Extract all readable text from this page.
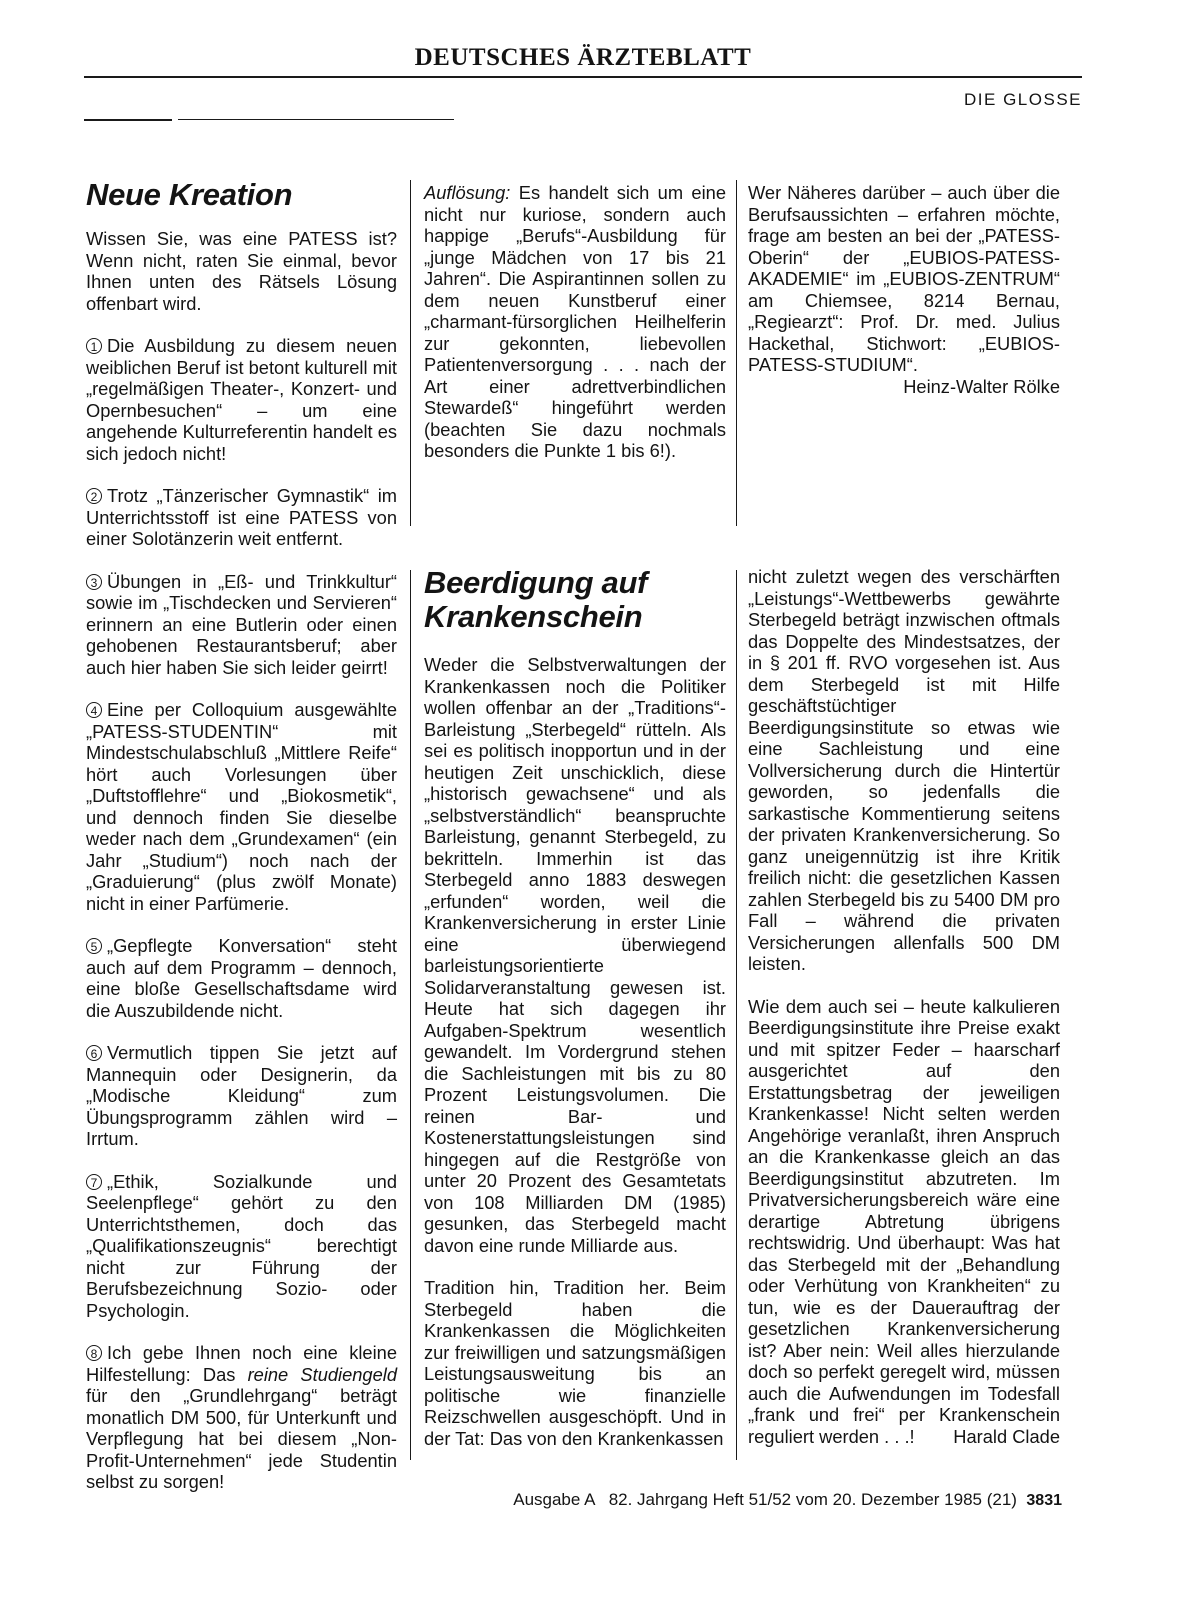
DEUTSCHES ÄRZTEBLATT
DIE GLOSSE
Neue Kreation

Wissen Sie, was eine PATESS ist? Wenn nicht, raten Sie einmal, bevor Ihnen unten des Rätsels Lösung offenbart wird.

1 Die Ausbildung zu diesem neuen weiblichen Beruf ist betont kulturell mit „regelmäßigen Theater-, Konzert- und Opernbesuchen“ – um eine angehende Kulturreferentin handelt es sich jedoch nicht!

2 Trotz „Tänzerischer Gymnastik“ im Unterrichtsstoff ist eine PATESS von einer Solotänzerin weit entfernt.

3 Übungen in „Eß- und Trinkkultur“ sowie im „Tischdecken und Servieren“ erinnern an eine Butlerin oder einen gehobenen Restaurantsberuf; aber auch hier haben Sie sich leider geirrt!

4 Eine per Colloquium ausgewählte „PATESS-STUDENTIN“ mit Mindestschulabschluß „Mittlere Reife“ hört auch Vorlesungen über „Duftstofflehre“ und „Biokosmetik“, und dennoch finden Sie dieselbe weder nach dem „Grundexamen“ (ein Jahr „Studium“) noch nach der „Graduierung“ (plus zwölf Monate) nicht in einer Parfümerie.

5 „Gepflegte Konversation“ steht auch auf dem Programm – dennoch, eine bloße Gesellschaftsdame wird die Auszubildende nicht.

6 Vermutlich tippen Sie jetzt auf Mannequin oder Designerin, da „Modische Kleidung“ zum Übungsprogramm zählen wird – Irrtum.

7 „Ethik, Sozialkunde und Seelenpflege“ gehört zu den Unterrichtsthemen, doch das „Qualifikationszeugnis“ berechtigt nicht zur Führung der Berufsbezeichnung Sozio- oder Psychologin.

8 Ich gebe Ihnen noch eine kleine Hilfestellung: Das reine Studiengeld für den „Grundlehrgang“ beträgt monatlich DM 500, für Unterkunft und Verpflegung hat bei diesem „Non-Profit-Unternehmen“ jede Studentin selbst zu sorgen!

Auflösung: Es handelt sich um eine nicht nur kuriose, sondern auch happige „Berufs“-Ausbildung für „junge Mädchen von 17 bis 21 Jahren“. Die Aspirantinnen sollen zu dem neuen Kunstberuf einer „charmant-fürsorglichen Heilhelferin zur gekonnten, liebevollen Patientenversorgung . . . nach der Art einer adrettverbindlichen Stewardeß“ hingeführt werden (beachten Sie dazu nochmals besonders die Punkte 1 bis 6!).

Wer Näheres darüber – auch über die Berufsaussichten – erfahren möchte, frage am besten an bei der „PATESS-Oberin“ der „EUBIOS-PATESS-AKADEMIE“ im „EUBIOS-ZENTRUM“ am Chiemsee, 8214 Bernau, „Regiearzt“: Prof. Dr. med. Julius Hackethal, Stichwort: „EUBIOS-PATESS-STUDIUM“.
Heinz-Walter Rölke

Beerdigung auf Krankenschein

Weder die Selbstverwaltungen der Krankenkassen noch die Politiker wollen offenbar an der „Traditions“-Barleistung „Sterbegeld“ rütteln. Als sei es politisch inopportun und in der heutigen Zeit unschicklich, diese „historisch gewachsene“ und als „selbstverständlich“ beanspruchte Barleistung, genannt Sterbegeld, zu bekritteln. Immerhin ist das Sterbegeld anno 1883 deswegen „erfunden“ worden, weil die Krankenversicherung in erster Linie eine überwiegend barleistungsorientierte Solidarveranstaltung gewesen ist. Heute hat sich dagegen ihr Aufgaben-Spektrum wesentlich gewandelt. Im Vordergrund stehen die Sachleistungen mit bis zu 80 Prozent Leistungsvolumen. Die reinen Bar- und Kostenerstattungsleistungen sind hingegen auf die Restgröße von unter 20 Prozent des Gesamtetats von 108 Milliarden DM (1985) gesunken, das Sterbegeld macht davon eine runde Milliarde aus.

Tradition hin, Tradition her. Beim Sterbegeld haben die Krankenkassen die Möglichkeiten zur freiwilligen und satzungsmäßigen Leistungsausweitung bis an politische wie finanzielle Reizschwellen ausgeschöpft. Und in der Tat: Das von den Krankenkassen

nicht zuletzt wegen des verschärften „Leistungs“-Wettbewerbs gewährte Sterbegeld beträgt inzwischen oftmals das Doppelte des Mindestsatzes, der in § 201 ff. RVO vorgesehen ist. Aus dem Sterbegeld ist mit Hilfe geschäftstüchtiger Beerdigungsinstitute so etwas wie eine Sachleistung und eine Vollversicherung durch die Hintertür geworden, so jedenfalls die sarkastische Kommentierung seitens der privaten Krankenversicherung. So ganz uneigennützig ist ihre Kritik freilich nicht: die gesetzlichen Kassen zahlen Sterbegeld bis zu 5400 DM pro Fall – während die privaten Versicherungen allenfalls 500 DM leisten.

Wie dem auch sei – heute kalkulieren Beerdigungsinstitute ihre Preise exakt und mit spitzer Feder – haarscharf ausgerichtet auf den Erstattungsbetrag der jeweiligen Krankenkasse! Nicht selten werden Angehörige veranlaßt, ihren Anspruch an die Krankenkasse gleich an das Beerdigungsinstitut abzutreten. Im Privatversicherungsbereich wäre eine derartige Abtretung übrigens rechtswidrig. Und überhaupt: Was hat das Sterbegeld mit der „Behandlung oder Verhütung von Krankheiten“ zu tun, wie es der Dauerauftrag der gesetzlichen Krankenversicherung ist? Aber nein: Weil alles hierzulande doch so perfekt geregelt wird, müssen auch die Aufwendungen im Todesfall „frank und frei“ per Krankenschein reguliert werden . . .! Harald Clade

Ausgabe A   82. Jahrgang Heft 51/52 vom 20. Dezember 1985 (21) 3831
